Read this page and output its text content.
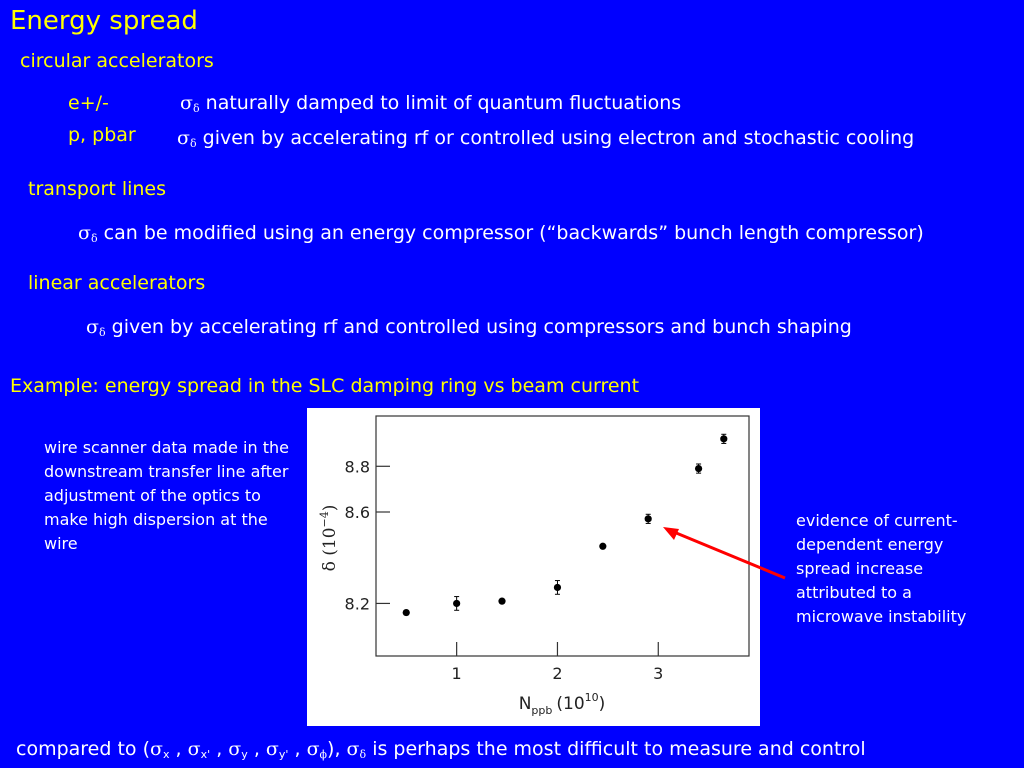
Energy spread
circular accelerators
e+/-	$\sigma_\delta$ naturally damped to limit of quantum fluctuations
p, pbar $\sigma_\delta$ given by accelerating rf or controlled using electron and stochastic cooling
transport lines
$\sigma_\delta$ can be modified using an energy compressor (“backwards” bunch length compressor)
linear accelerators
$\sigma_\delta$ given by accelerating rf and controlled using compressors and bunch shaping
Example: energy spread in the SLC damping ring vs beam current
wire scanner data made in the downstream transfer line after adjustment of the optics to make high dispersion at the wire
evidence of current-dependent energy spread increase attributed to a microwave instability
δ $(10^{-4})$
$N_{ppb}$ $(10^{10})$
1	2	3
8.2
8.6
8.8
compared to ($\sigma_x$ , $\sigma_{x'}$ , $\sigma_y$ , $\sigma_{y'}$ , $\sigma_\phi$), $\sigma_\delta$ is perhaps the most difficult to measure and control
